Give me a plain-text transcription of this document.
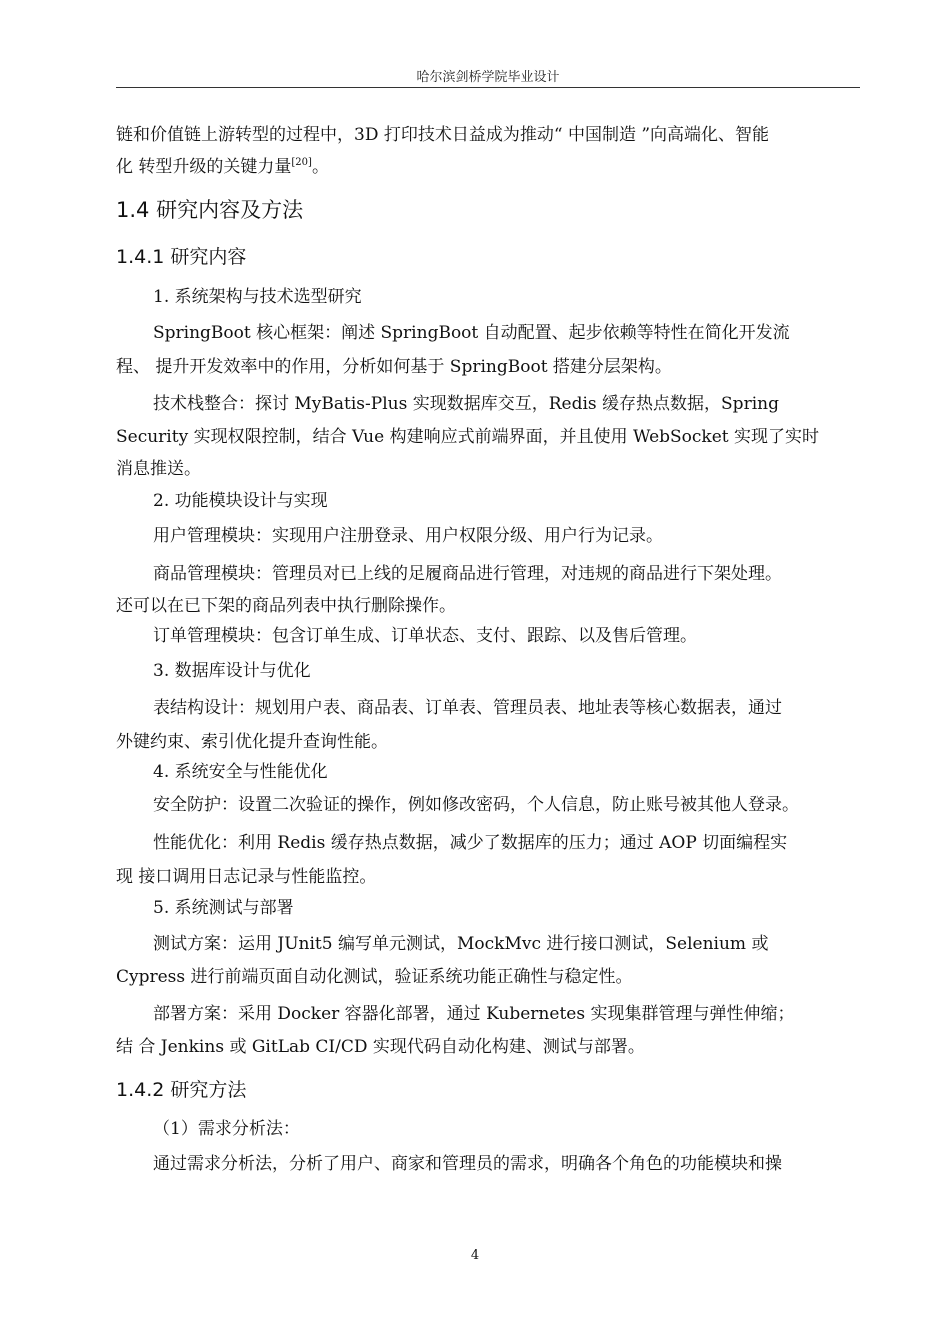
哈尔滨剑桥学院毕业设计
链和价值链上游转型的过程中，3D 打印技术日益成为推动“ 中国制造 ”向高端化、智能
化 转型升级的关键力量[20]。
1.4 研究内容及方法
1.4.1 研究内容
1. 系统架构与技术选型研究
SpringBoot 核心框架：阐述 SpringBoot 自动配置、起步依赖等特性在简化开发流
程、 提升开发效率中的作用，分析如何基于 SpringBoot 搭建分层架构。
技术栈整合：探讨 MyBatis-Plus 实现数据库交互，Redis 缓存热点数据，Spring
Security 实现权限控制，结合 Vue 构建响应式前端界面，并且使用 WebSocket 实现了实时
消息推送。
2. 功能模块设计与实现
用户管理模块：实现用户注册登录、用户权限分级、用户行为记录。
商品管理模块：管理员对已上线的足履商品进行管理，对违规的商品进行下架处理。
还可以在已下架的商品列表中执行删除操作。
订单管理模块：包含订单生成、订单状态、支付、跟踪、以及售后管理。
3. 数据库设计与优化
表结构设计：规划用户表、商品表、订单表、管理员表、地址表等核心数据表，通过
外键约束、索引优化提升查询性能。
4. 系统安全与性能优化
安全防护：设置二次验证的操作，例如修改密码，个人信息，防止账号被其他人登录。
性能优化：利用 Redis 缓存热点数据，减少了数据库的压力；通过 AOP 切面编程实
现 接口调用日志记录与性能监控。
5. 系统测试与部署
测试方案：运用 JUnit5 编写单元测试，MockMvc 进行接口测试，Selenium 或
Cypress 进行前端页面自动化测试，验证系统功能正确性与稳定性。
部署方案：采用 Docker 容器化部署，通过 Kubernetes 实现集群管理与弹性伸缩；
结 合 Jenkins 或 GitLab CI/CD 实现代码自动化构建、测试与部署。
1.4.2 研究方法
（1）需求分析法：
通过需求分析法，分析了用户、商家和管理员的需求，明确各个角色的功能模块和操
4
